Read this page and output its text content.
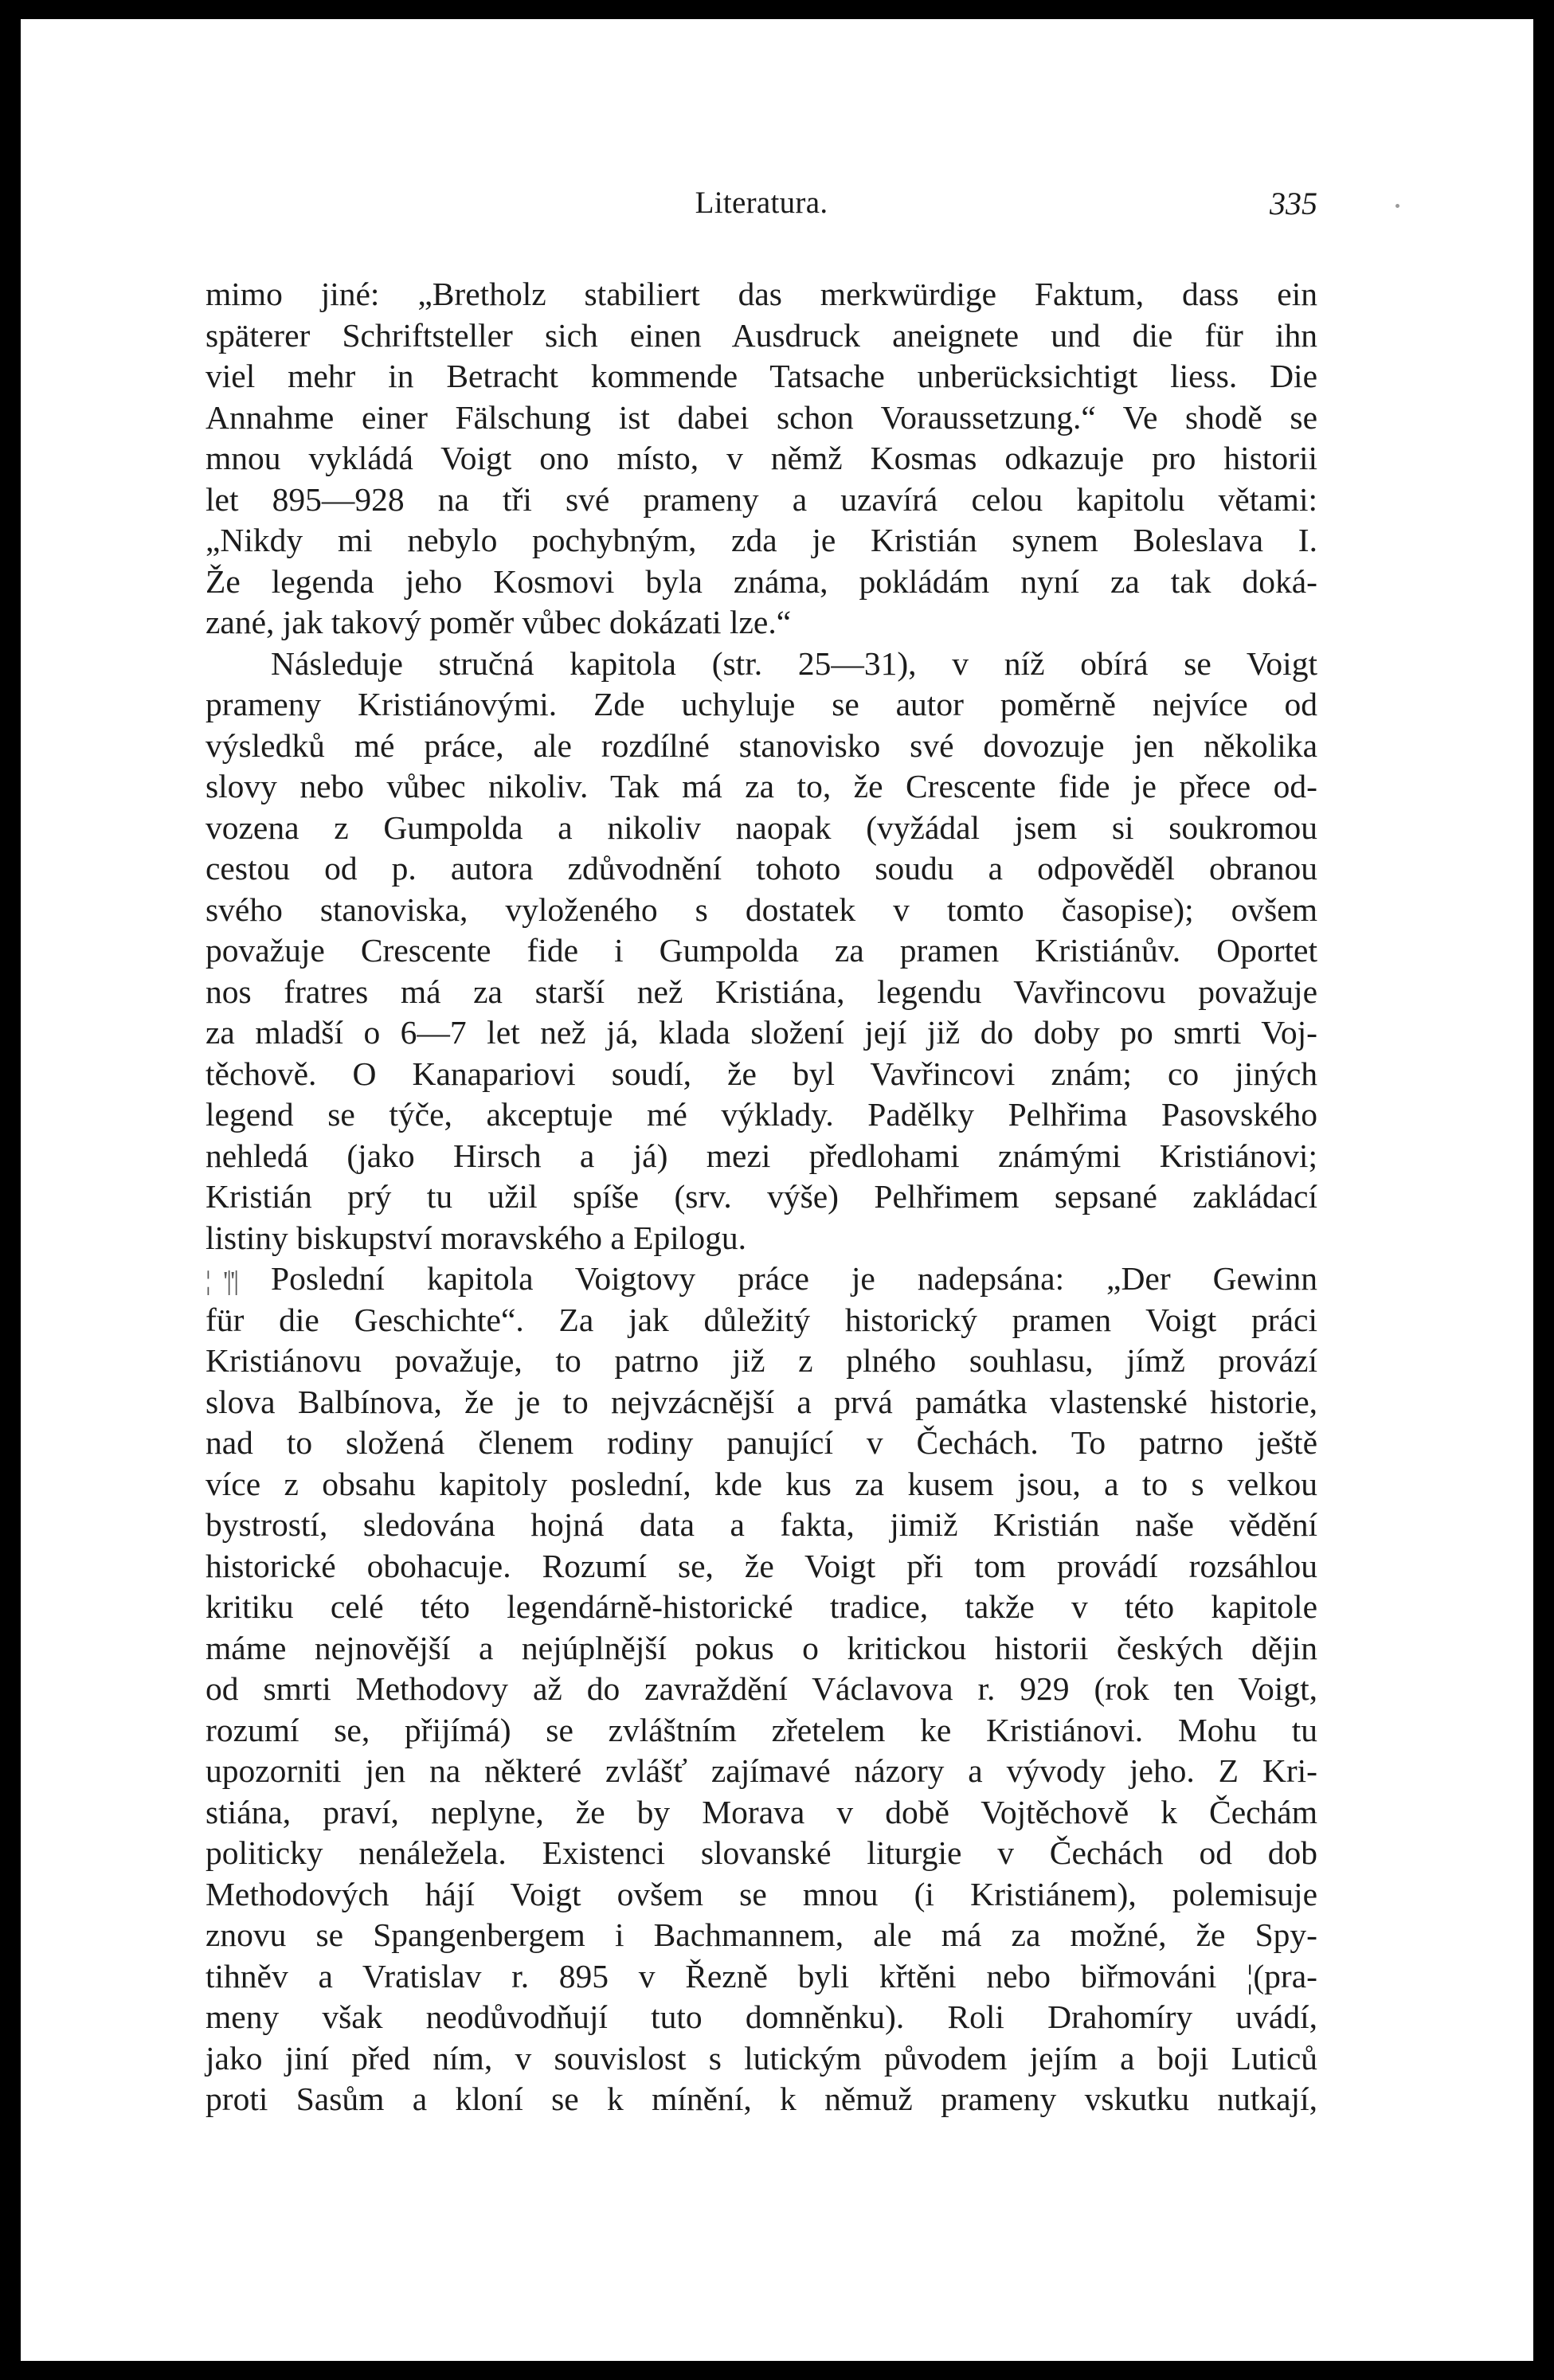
Literatura.	335
mimo jiné: „Bretholz stabiliert das merkwürdige Faktum, dass ein
späterer Schriftsteller sich einen Ausdruck aneignete und die für ihn
viel mehr in Betracht kommende Tatsache unberücksichtigt liess. Die
Annahme einer Fälschung ist dabei schon Voraussetzung.“ Ve shodě se
mnou vykládá Voigt ono místo, v němž Kosmas odkazuje pro historii
let 895—928 na tři své prameny a uzavírá celou kapitolu větami:
„Nikdy mi nebylo pochybným, zda je Kristián synem Boleslava I.
Že legenda jeho Kosmovi byla známa, pokládám nyní za tak doká-
zané, jak takový poměr vůbec dokázati lze.“
Následuje stručná kapitola (str. 25—31), v níž obírá se Voigt
prameny Kristiánovými. Zde uchyluje se autor poměrně nejvíce od
výsledků mé práce, ale rozdílné stanovisko své dovozuje jen několika
slovy nebo vůbec nikoliv. Tak má za to, že Crescente fide je přece od-
vozena z Gumpolda a nikoliv naopak (vyžádal jsem si soukromou
cestou od p. autora zdůvodnění tohoto soudu a odpověděl obranou
svého stanoviska, vyloženého s dostatek v tomto časopise); ovšem
považuje Crescente fide i Gumpolda za pramen Kristiánův. Oportet
nos fratres má za starší než Kristiána, legendu Vavřincovu považuje
za mladší o 6—7 let než já, klada složení její již do doby po smrti Voj-
těchově. O Kanapariovi soudí, že byl Vavřincovi znám; co jiných
legend se týče, akceptuje mé výklady. Padělky Pelhřima Pasovského
nehledá (jako Hirsch a já) mezi předlohami známými Kristiánovi;
Kristián prý tu užil spíše (srv. výše) Pelhřimem sepsané zakládací
listiny biskupství moravského a Epilogu.
¦ '|'| Poslední kapitola Voigtovy práce je nadepsána: „Der Gewinn
für die Geschichte“. Za jak důležitý historický pramen Voigt práci
Kristiánovu považuje, to patrno již z plného souhlasu, jímž provází
slova Balbínova, že je to nejvzácnější a prvá památka vlastenské historie,
nad to složená členem rodiny panující v Čechách. To patrno ještě
více z obsahu kapitoly poslední, kde kus za kusem jsou, a to s velkou
bystrostí, sledována hojná data a fakta, jimiž Kristián naše vědění
historické obohacuje. Rozumí se, že Voigt při tom provádí rozsáhlou
kritiku celé této legendárně-historické tradice, takže v této kapitole
máme nejnovější a nejúplnější pokus o kritickou historii českých dějin
od smrti Methodovy až do zavraždění Václavova r. 929 (rok ten Voigt,
rozumí se, přijímá) se zvláštním zřetelem ke Kristiánovi. Mohu tu
upozorniti jen na některé zvlášť zajímavé názory a vývody jeho. Z Kri-
stiána, praví, neplyne, že by Morava v době Vojtěchově k Čechám
politicky nenáležela. Existenci slovanské liturgie v Čechách od dob
Methodových hájí Voigt ovšem se mnou (i Kristiánem), polemisuje
znovu se Spangenbergem i Bachmannem, ale má za možné, že Spy-
tihněv a Vratislav r. 895 v Řezně byli křtěni nebo biřmováni ¦(pra-
meny však neodůvodňují tuto domněnku). Roli Drahomíry uvádí,
jako jiní před ním, v souvislost s lutickým původem jejím a boji Luticů
proti Sasům a kloní se k mínění, k němuž prameny vskutku nutkají,
